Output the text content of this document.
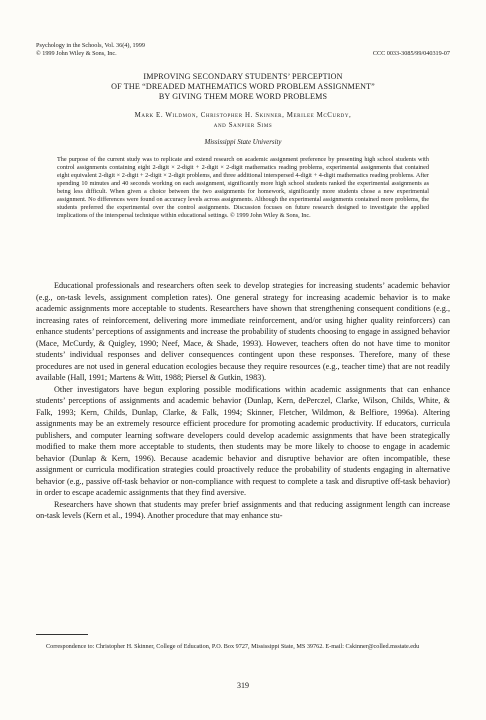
Psychology in the Schools, Vol. 36(4), 1999
© 1999 John Wiley & Sons, Inc.	CCC 0033-3085/99/040319-07
IMPROVING SECONDARY STUDENTS’ PERCEPTION
OF THE “DREADED MATHEMATICS WORD PROBLEM ASSIGNMENT”
BY GIVING THEM MORE WORD PROBLEMS
Mark E. Wildmon, Christopher H. Skinner, Merilee McCurdy,
and Sanpier Sims
Mississippi State University
The purpose of the current study was to replicate and extend research on academic assignment preference by presenting high school students with control assignments containing eight 2-digit × 2-digit + 2-digit × 2-digit mathematics reading problems, experimental assignments that contained eight equivalent 2-digit × 2-digit + 2-digit × 2-digit problems, and three additional interspersed 4-digit + 4-digit mathematics reading problems. After spending 10 minutes and 40 seconds working on each assignment, significantly more high school students ranked the experimental assignments as being less difficult. When given a choice between the two assignments for homework, significantly more students chose a new experimental assignment. No differences were found on accuracy levels across assignments. Although the experimental assignments contained more problems, the students preferred the experimental over the control assignments. Discussion focuses on future research designed to investigate the applied implications of the interspersal technique within educational settings. © 1999 John Wiley & Sons, Inc.

Educational professionals and researchers often seek to develop strategies for increasing students’ academic behavior (e.g., on-task levels, assignment completion rates). One general strategy for increasing academic behavior is to make academic assignments more acceptable to students. Researchers have shown that strengthening consequent conditions (e.g., increasing rates of reinforcement, delivering more immediate reinforcement, and/or using higher quality reinforcers) can enhance students’ perceptions of assignments and increase the probability of students choosing to engage in assigned behavior (Mace, McCurdy, & Quigley, 1990; Neef, Mace, & Shade, 1993). However, teachers often do not have time to monitor students’ individual responses and deliver consequences contingent upon these responses. Therefore, many of these procedures are not used in general education ecologies because they require resources (e.g., teacher time) that are not readily available (Hall, 1991; Martens & Witt, 1988; Piersel & Gutkin, 1983).

Other investigators have begun exploring possible modifications within academic assignments that can enhance students’ perceptions of assignments and academic behavior (Dunlap, Kern, dePerczel, Clarke, Wilson, Childs, White, & Falk, 1993; Kern, Childs, Dunlap, Clarke, & Falk, 1994; Skinner, Fletcher, Wildmon, & Belfiore, 1996a). Altering assignments may be an extremely resource efficient procedure for promoting academic productivity. If educators, curricula publishers, and computer learning software developers could develop academic assignments that have been strategically modified to make them more acceptable to students, then students may be more likely to choose to engage in academic behavior (Dunlap & Kern, 1996). Because academic behavior and disruptive behavior are often incompatible, these assignment or curricula modification strategies could proactively reduce the probability of students engaging in alternative behavior (e.g., passive off-task behavior or non-compliance with request to complete a task and disruptive off-task behavior) in order to escape academic assignments that they find aversive.

Researchers have shown that students may prefer brief assignments and that reducing assignment length can increase on-task levels (Kern et al., 1994). Another procedure that may enhance stu-

Correspondence to: Christopher H. Skinner, College of Education, P.O. Box 9727, Mississippi State, MS 39762. E-mail: Cskinner@colled.msstate.edu
319
